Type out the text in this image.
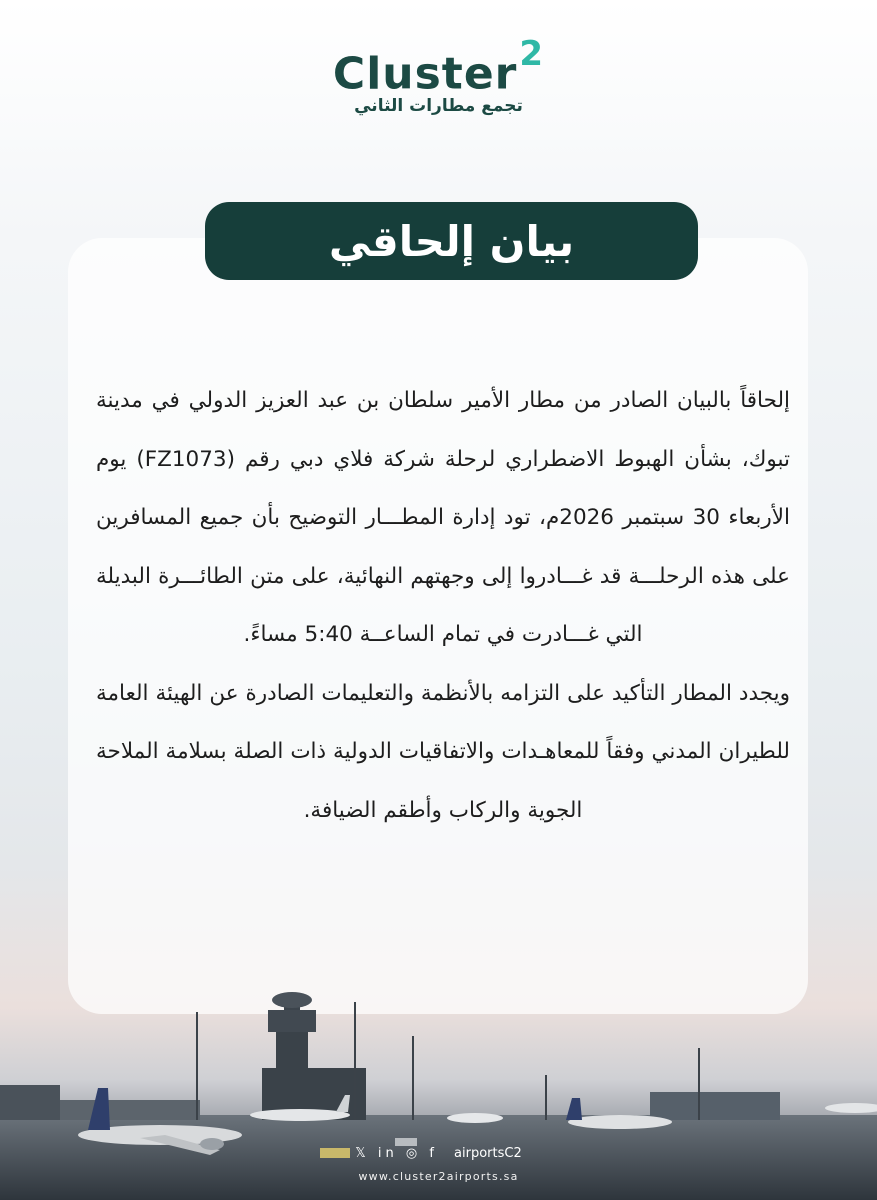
Cluster$^2$
تجمع مطارات الثاني
بيان إلحاقي

إلحاقاً بالبيان الصادر من مطار الأمير سلطان بن عبد العزيز الدولي في مدينة تبوك، بشأن الهبوط الاضطراري لرحلة شركة فلاي دبي رقم (FZ1073) يوم الأربعاء 30 سبتمبر 2026م، تود إدارة المطـــار التوضيح بأن جميع المسافرين على هذه الرحلـــة قد غـــادروا إلى وجهتهم النهائية، على متن الطائـــرة البديلة التي غـــادرت في تمام الساعــة 5:40 مساءً.

ويجدد المطار التأكيد على التزامه بالأنظمة والتعليمات الصادرة عن الهيئة العامة للطيران المدني وفقاً للمعاهـدات والاتفاقيات الدولية ذات الصلة بسلامة الملاحة الجوية والركاب وأطقم الضيافة.

𝕏 in ◎ f airportsC2
www.cluster2airports.sa
